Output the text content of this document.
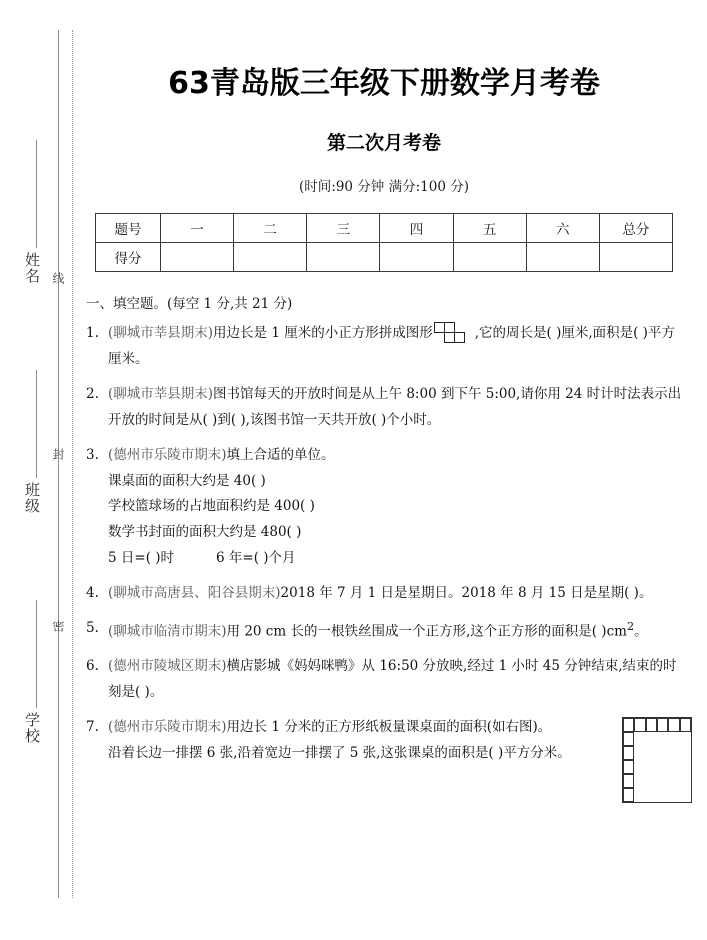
姓名
班级
学校
线
封
密
63青岛版三年级下册数学月考卷
第二次月考卷

(时间:90 分钟 满分:100 分)

题号	一	二	三	四	五	六	总分
得分							
一、填空题。(每空 1 分,共 21 分)
1. (聊城市莘县期末)用边长是 1 厘米的小正方形拼成图形	,它的周长是( )厘米,面积是( )平方厘米。
2. (聊城市莘县期末)图书馆每天的开放时间是从上午 8:00 到下午 5:00,请你用 24 时计时法表示出开放的时间是从( )到( ),该图书馆一天共开放( )个小时。
3. (德州市乐陵市期末)填上合适的单位。
课桌面的面积大约是 40( )
学校篮球场的占地面积约是 400( )
数学书封面的面积大约是 480( )
5 日=( )时	6 年=( )个月
4. (聊城市高唐县、阳谷县期末)2018 年 7 月 1 日是星期日。2018 年 8 月 15 日是星期( )。
5. (聊城市临清市期末)用 20 cm 长的一根铁丝围成一个正方形,这个正方形的面积是( )$cm^2$。
6. (德州市陵城区期末)横店影城《妈妈咪鸭》从 16:50 分放映,经过 1 小时 45 分钟结束,结束的时刻是( )。
7. (德州市乐陵市期末)用边长 1 分米的正方形纸板量课桌面的面积(如右图)。
沿着长边一排摆 6 张,沿着宽边一排摆了 5 张,这张课桌的面积是( )平方分米。
